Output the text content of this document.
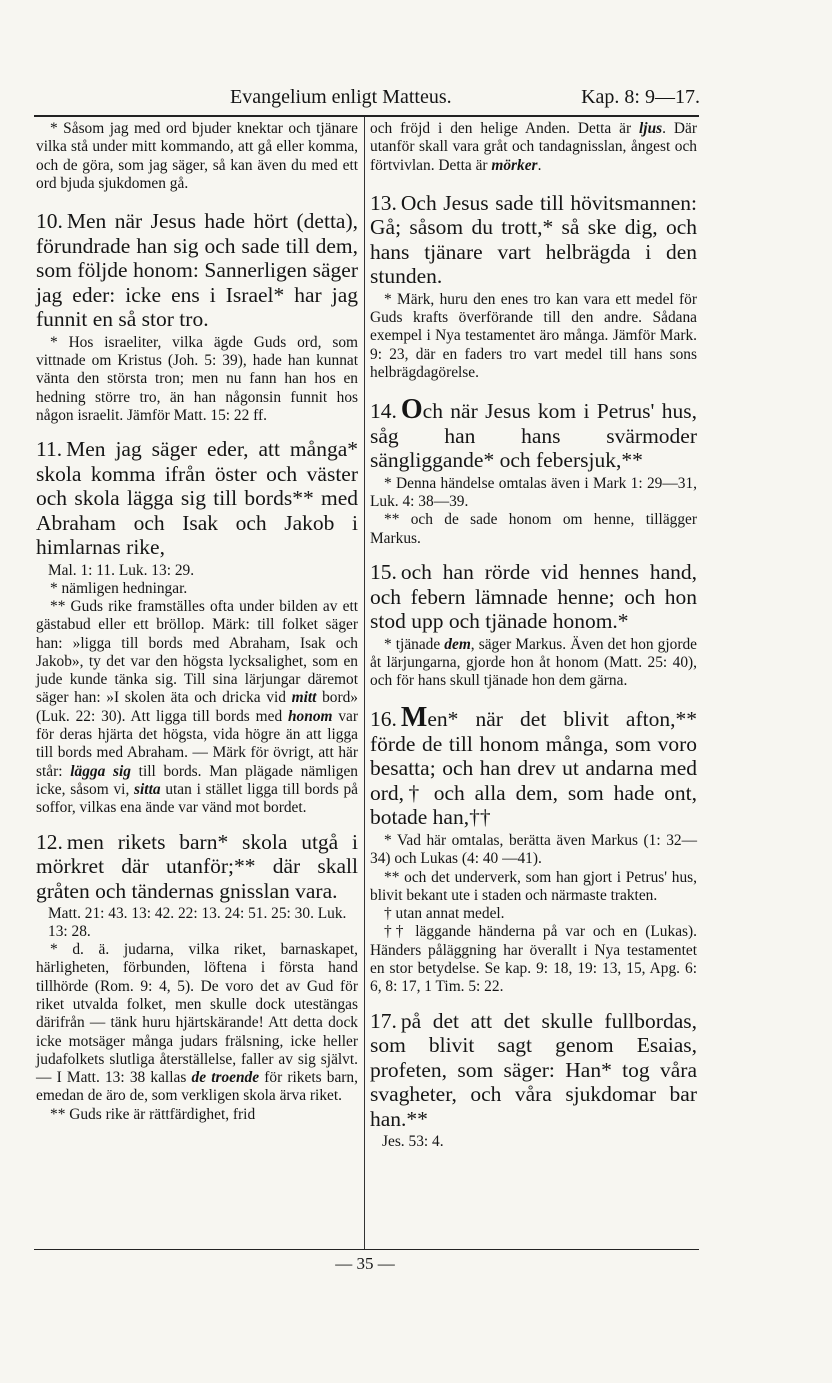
Evangelium enligt Matteus.	Kap. 8: 9—17.

* Såsom jag med ord bjuder knektar och tjänare vilka stå under mitt kommando, att gå eller komma, och de göra, som jag säger, så kan även du med ett ord bjuda sjukdomen gå.

10. Men när Jesus hade hört (detta), förundrade han sig och sade till dem, som följde honom: Sannerligen säger jag eder: icke ens i Israel* har jag funnit en så stor tro.

* Hos israeliter, vilka ägde Guds ord, som vittnade om Kristus (Joh. 5: 39), hade han kunnat vänta den största tron; men nu fann han hos en hedning större tro, än han någonsin funnit hos någon israelit. Jämför Matt. 15: 22 ff.

11. Men jag säger eder, att många* skola komma ifrån öster och väster och skola lägga sig till bords** med Abraham och Isak och Jakob i himlarnas rike,

Mal. 1: 11. Luk. 13: 29.

* nämligen hedningar.

** Guds rike framställes ofta under bilden av ett gästabud eller ett bröllop. Märk: till folket säger han: »ligga till bords med Abraham, Isak och Jakob», ty det var den högsta lycksalighet, som en jude kunde tänka sig. Till sina lärjungar däremot säger han: »I skolen äta och dricka vid mitt bord» (Luk. 22: 30). Att ligga till bords med honom var för deras hjärta det högsta, vida högre än att ligga till bords med Abraham. — Märk för övrigt, att här står: lägga sig till bords. Man plägade nämligen icke, såsom vi, sitta utan i stället ligga till bords på soffor, vilkas ena ände var vänd mot bordet.

12. men rikets barn* skola utgå i mörkret där utanför;** där skall gråten och tändernas gnisslan vara.

Matt. 21: 43. 13: 42. 22: 13. 24: 51. 25: 30. Luk. 13: 28.

* d. ä. judarna, vilka riket, barnaskapet, härligheten, förbunden, löftena i första hand tillhörde (Rom. 9: 4, 5). De voro det av Gud för riket utvalda folket, men skulle dock utestängas därifrån — tänk huru hjärtskärande! Att detta dock icke motsäger många judars frälsning, icke heller judafolkets slutliga återställelse, faller av sig självt. — I Matt. 13: 38 kallas de troende för rikets barn, emedan de äro de, som verkligen skola ärva riket.

** Guds rike är rättfärdighet, frid

och fröjd i den helige Anden. Detta är ljus. Där utanför skall vara gråt och tandagnisslan, ångest och förtvivlan. Detta är mörker.

13. Och Jesus sade till hövitsmannen: Gå; såsom du trott,* så ske dig, och hans tjänare vart helbrägda i den stunden.

* Märk, huru den enes tro kan vara ett medel för Guds krafts överförande till den andre. Sådana exempel i Nya testamentet äro många. Jämför Mark. 9: 23, där en faders tro vart medel till hans sons helbrägdagörelse.

14. Och när Jesus kom i Petrus' hus, såg han hans svärmoder sängliggande* och febersjuk,**

* Denna händelse omtalas även i Mark 1: 29—31, Luk. 4: 38—39.

** och de sade honom om henne, tillägger Markus.

15. och han rörde vid hennes hand, och febern lämnade henne; och hon stod upp och tjänade honom.*

* tjänade dem, säger Markus. Även det hon gjorde åt lärjungarna, gjorde hon åt honom (Matt. 25: 40), och för hans skull tjänade hon dem gärna.

16. Men* när det blivit afton,** förde de till honom många, som voro besatta; och han drev ut andarna med ord,† och alla dem, som hade ont, botade han,††

* Vad här omtalas, berätta även Markus (1: 32—34) och Lukas (4: 40 —41).

** och det underverk, som han gjort i Petrus' hus, blivit bekant ute i staden och närmaste trakten.

† utan annat medel.

†† läggande händerna på var och en (Lukas). Händers påläggning har överallt i Nya testamentet en stor betydelse. Se kap. 9: 18, 19: 13, 15, Apg. 6: 6, 8: 17, 1 Tim. 5: 22.

17. på det att det skulle fullbordas, som blivit sagt genom Esaias, profeten, som säger: Han* tog våra svagheter, och våra sjukdomar bar han.**

Jes. 53: 4.

— 35 —
